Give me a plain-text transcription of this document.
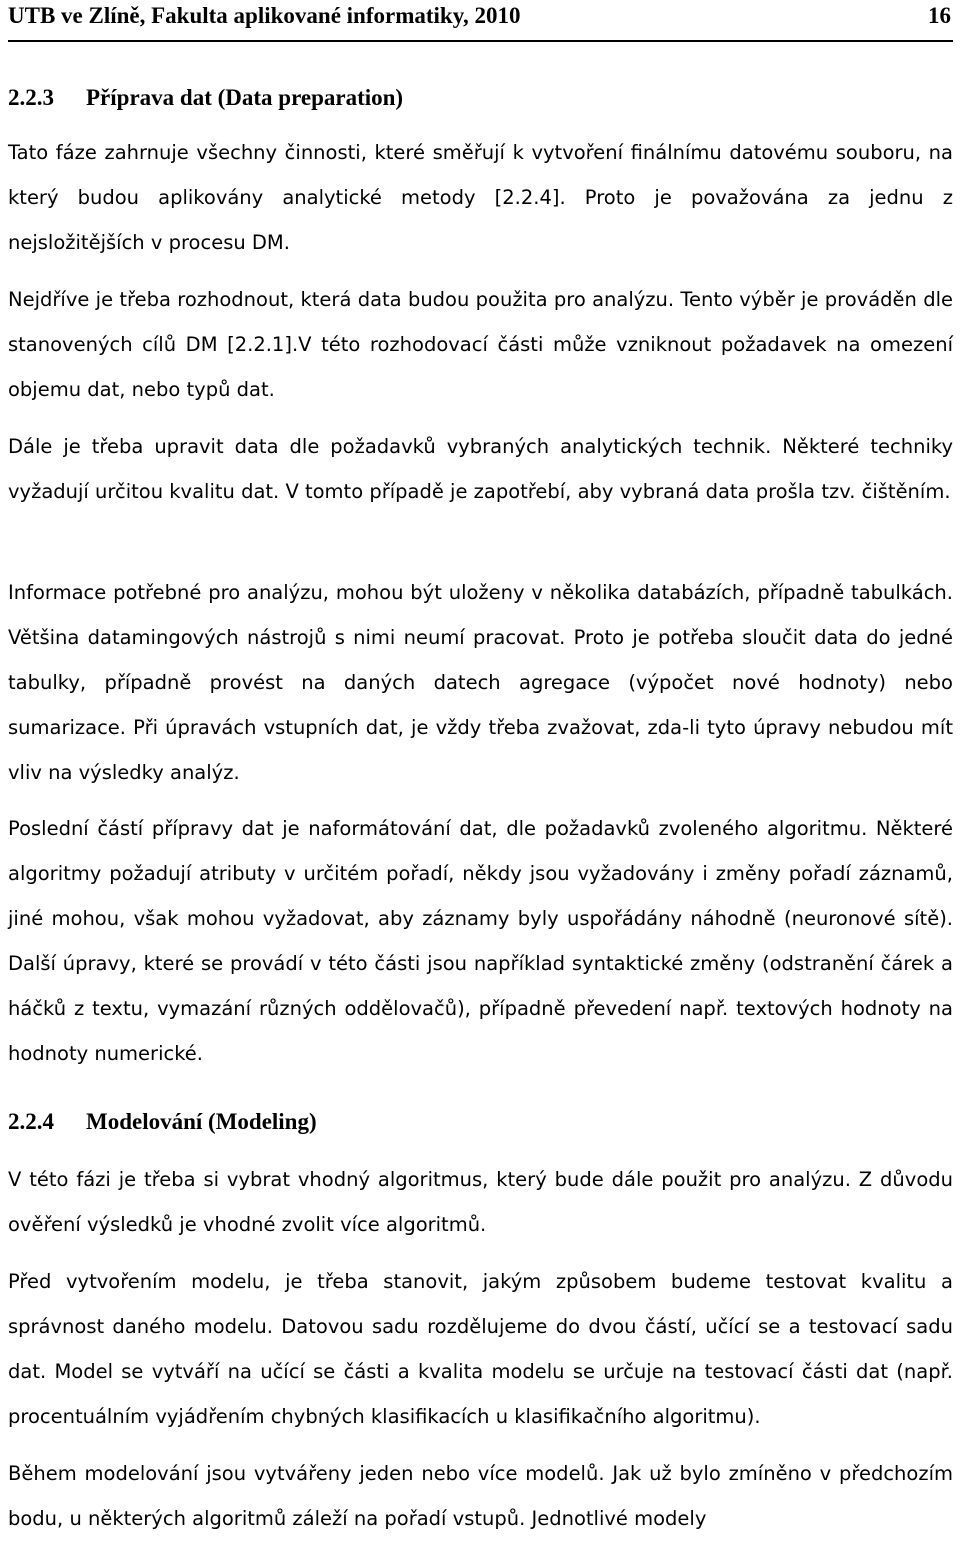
UTB ve Zlíně, Fakulta aplikované informatiky, 2010	16
2.2.3 Příprava dat (Data preparation)

Tato fáze zahrnuje všechny činnosti, které směřují k vytvoření finálnímu datovému souboru, na který budou aplikovány analytické metody [2.2.4]. Proto je považována za jednu z nejsložitějších v procesu DM.

Nejdříve je třeba rozhodnout, která data budou použita pro analýzu. Tento výběr je prováděn dle stanovených cílů DM [2.2.1].V této rozhodovací části může vzniknout požadavek na omezení objemu dat, nebo typů dat.

Dále je třeba upravit data dle požadavků vybraných analytických technik. Některé techniky vyžadují určitou kvalitu dat. V tomto případě je zapotřebí, aby vybraná data prošla tzv. čištěním.

Informace potřebné pro analýzu, mohou být uloženy v několika databázích, případně tabulkách. Většina datamingových nástrojů s nimi neumí pracovat. Proto je potřeba sloučit data do jedné tabulky, případně provést na daných datech agregace (výpočet nové hodnoty) nebo sumarizace. Při úpravách vstupních dat, je vždy třeba zvažovat, zda-li tyto úpravy nebudou mít vliv na výsledky analýz.

Poslední částí přípravy dat je naformátování dat, dle požadavků zvoleného algoritmu. Některé algoritmy požadují atributy v určitém pořadí, někdy jsou vyžadovány i změny pořadí záznamů, jiné mohou, však mohou vyžadovat, aby záznamy byly uspořádány náhodně (neuronové sítě). Další úpravy, které se provádí v této části jsou například syntaktické změny (odstranění čárek a háčků z textu, vymazání různých oddělovačů), případně převedení např. textových hodnoty na hodnoty numerické.

2.2.4 Modelování (Modeling)

V této fázi je třeba si vybrat vhodný algoritmus, který bude dále použit pro analýzu. Z důvodu ověření výsledků je vhodné zvolit více algoritmů.

Před vytvořením modelu, je třeba stanovit, jakým způsobem budeme testovat kvalitu a správnost daného modelu. Datovou sadu rozdělujeme do dvou částí, učící se a testovací sadu dat. Model se vytváří na učící se části a kvalita modelu se určuje na testovací části dat (např. procentuálním vyjádřením chybných klasifikacích u klasifikačního algoritmu).

Během modelování jsou vytvářeny jeden nebo více modelů. Jak už bylo zmíněno v předchozím bodu, u některých algoritmů záleží na pořadí vstupů. Jednotlivé modely
